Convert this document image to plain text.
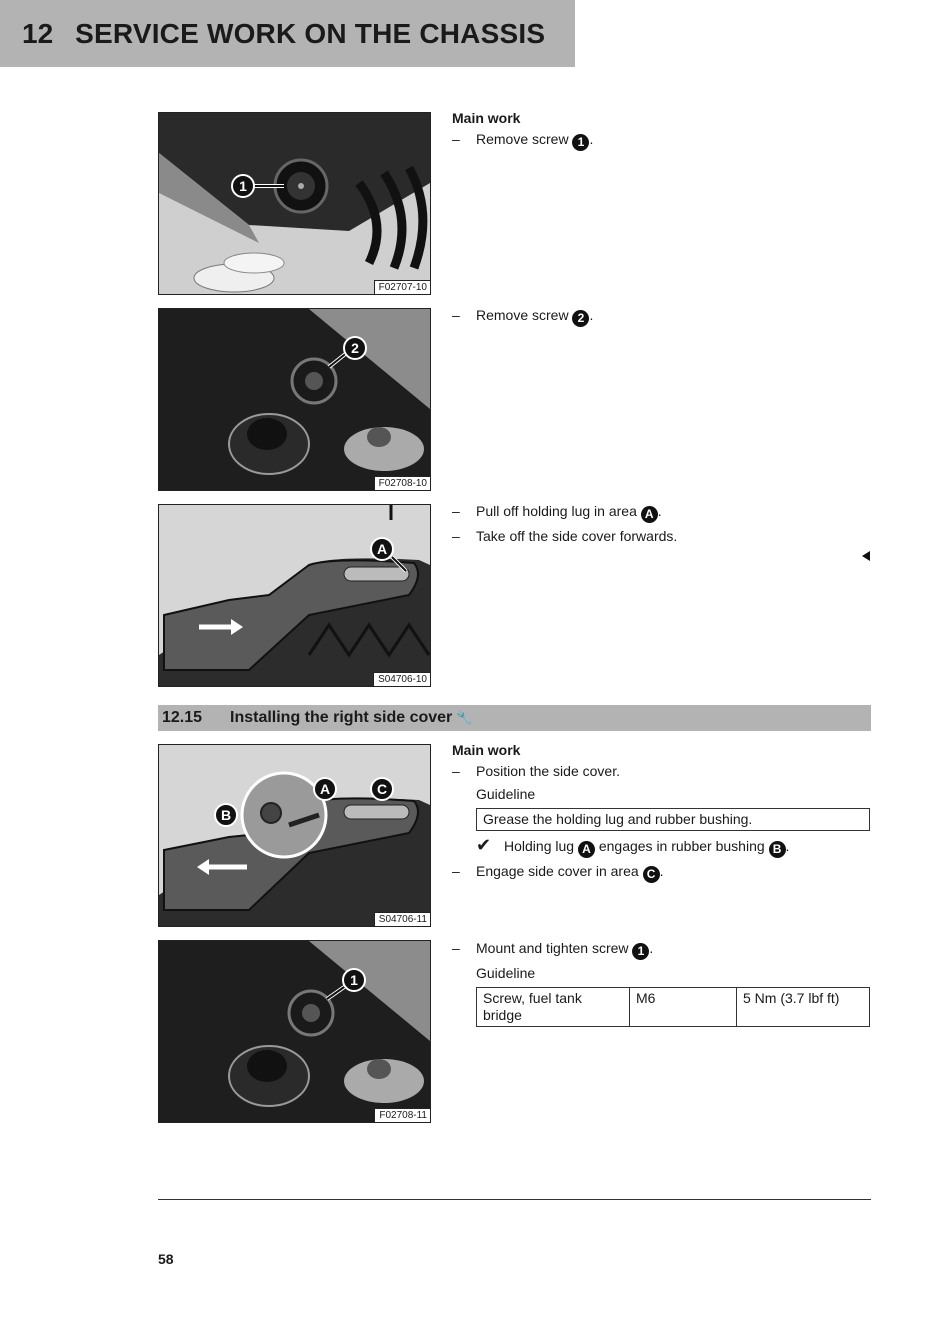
12 SERVICE WORK ON THE CHASSIS
1
F02707-10
2
F02708-10
A
S04706-10
Main work
– Remove screw 1 .
– Remove screw 2 .
– Pull off holding lug in area A .
– Take off the side cover forwards.
12.15	Installing the right side cover 🔧
A
B
C
S04706-11
1
F02708-11
Main work
– Position the side cover.
Guideline
Grease the holding lug and rubber bushing.
✔ Holding lug A engages in rubber bushing B .
– Engage side cover in area C .
– Mount and tighten screw 1 .
Guideline
Screw, fuel tank bridge	M6	5 Nm (3.7 lbf ft)
58
